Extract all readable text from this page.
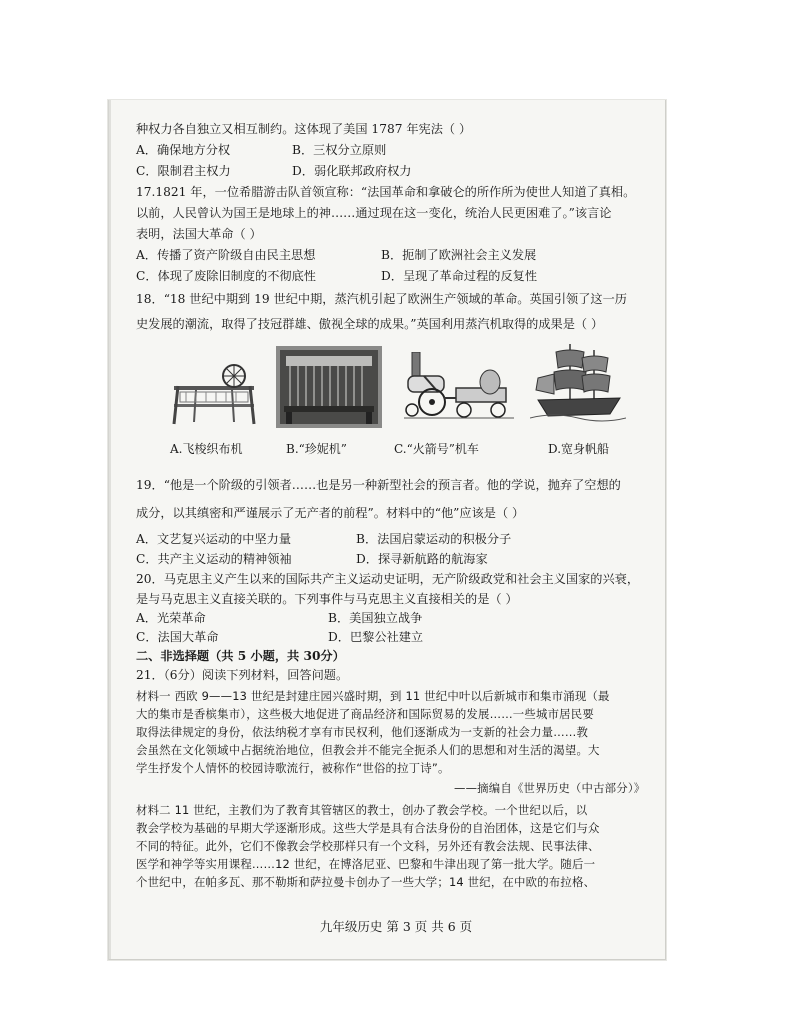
种权力各自独立又相互制约。这体现了美国 1787 年宪法（ ）
A．确保地方分权	B．三权分立原则
C．限制君主权力	D．弱化联邦政府权力
17.1821 年，一位希腊游击队首领宣称：“法国革命和拿破仑的所作所为使世人知道了真相。
以前，人民曾认为国王是地球上的神……通过现在这一变化，统治人民更困难了。”该言论
表明，法国大革命（ ）
A．传播了资产阶级自由民主思想	B．扼制了欧洲社会主义发展
C．体现了废除旧制度的不彻底性	D．呈现了革命过程的反复性
18．“18 世纪中期到 19 世纪中期，蒸汽机引起了欧洲生产领域的革命。英国引领了这一历
史发展的潮流，取得了技冠群雄、傲视全球的成果。”英国利用蒸汽机取得的成果是（ ）
A.飞梭织布机	B.“珍妮机”	C.“火箭号”机车	D.宽身帆船
19．“他是一个阶级的引领者……也是另一种新型社会的预言者。他的学说，抛弃了空想的
成分，以其缜密和严谨展示了无产者的前程”。材料中的“他”应该是（ ）
A．文艺复兴运动的中坚力量	B．法国启蒙运动的积极分子
C．共产主义运动的精神领袖	D．探寻新航路的航海家
20．马克思主义产生以来的国际共产主义运动史证明，无产阶级政党和社会主义国家的兴衰，
是与马克思主义直接关联的。下列事件与马克思主义直接相关的是（ ）
A．光荣革命	B．美国独立战争
C．法国大革命	D．巴黎公社建立
二、非选择题（共 5 小题，共 30分）
21．（6分）阅读下列材料，回答问题。
材料一 西欧 9——13 世纪是封建庄园兴盛时期，到 11 世纪中叶以后新城市和集市涌现（最
大的集市是香槟集市），这些极大地促进了商品经济和国际贸易的发展……一些城市居民要
取得法律规定的身份，依法纳税才享有市民权利，他们逐渐成为一支新的社会力量……教
会虽然在文化领域中占据统治地位，但教会并不能完全扼杀人们的思想和对生活的渴望。大
学生抒发个人情怀的校园诗歌流行，被称作“世俗的拉丁诗”。
——摘编自《世界历史（中古部分）》
材料二 11 世纪，主教们为了教育其管辖区的教士，创办了教会学校。一个世纪以后，以
教会学校为基础的早期大学逐渐形成。这些大学是具有合法身份的自治团体，这是它们与众
不同的特征。此外，它们不像教会学校那样只有一个文科，另外还有教会法规、民事法律、
医学和神学等实用课程……12 世纪，在博洛尼亚、巴黎和牛津出现了第一批大学。随后一
个世纪中，在帕多瓦、那不勒斯和萨拉曼卡创办了一些大学；14 世纪，在中欧的布拉格、
九年级历史 第 3 页 共 6 页
